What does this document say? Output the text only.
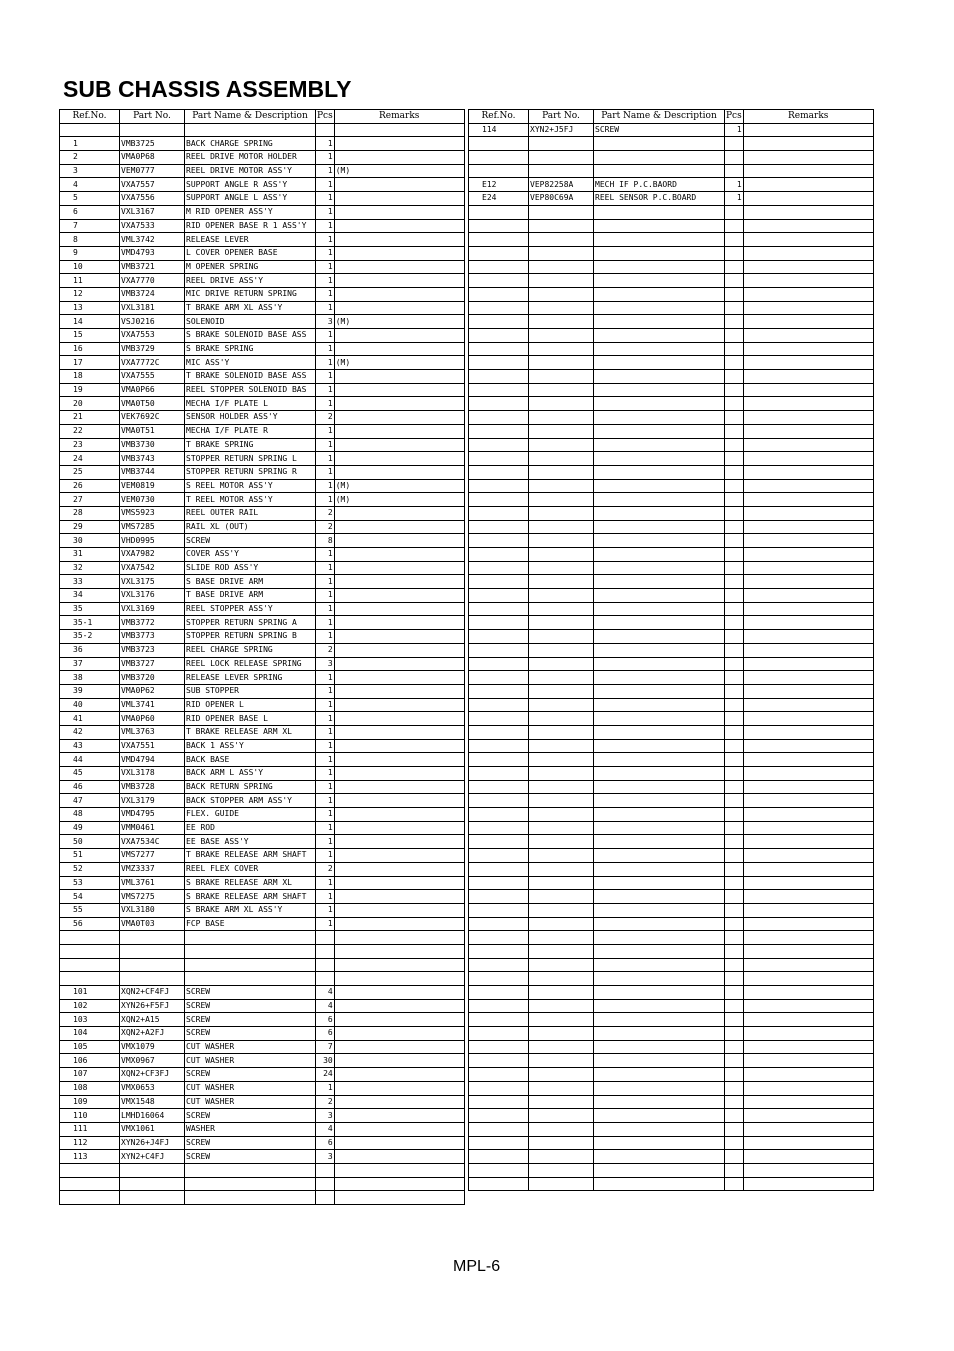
SUB CHASSIS ASSEMBLY
Ref.No.	Part No.	Part Name & Description	Pcs	Remarks

1	VMB3725	BACK CHARGE SPRING	1	
2	VMA0P68	REEL DRIVE MOTOR HOLDER	1	
3	VEM0777	REEL DRIVE MOTOR ASS'Y	1	(M)
4	VXA7557	SUPPORT ANGLE R ASS'Y	1	
5	VXA7556	SUPPORT ANGLE L ASS'Y	1	
6	VXL3167	M RID OPENER ASS'Y	1	
7	VXA7533	RID OPENER BASE R 1 ASS'Y	1	
8	VML3742	RELEASE LEVER	1	
9	VMD4793	L COVER OPENER BASE	1	
10	VMB3721	M OPENER SPRING	1	
11	VXA7770	REEL DRIVE ASS'Y	1	
12	VMB3724	MIC DRIVE RETURN SPRING	1	
13	VXL3181	T BRAKE ARM XL ASS'Y	1	
14	VSJ0216	SOLENOID	3	(M)
15	VXA7553	S BRAKE SOLENOID BASE ASS	1	
16	VMB3729	S BRAKE SPRING	1	
17	VXA7772C	MIC ASS'Y	1	(M)
18	VXA7555	T BRAKE SOLENOID BASE ASS	1	
19	VMA0P66	REEL STOPPER SOLENOID BAS	1	
20	VMA0T50	MECHA I/F PLATE L	1	
21	VEK7692C	SENSOR HOLDER ASS'Y	2	
22	VMA0T51	MECHA I/F PLATE R	1	
23	VMB3730	T BRAKE SPRING	1	
24	VMB3743	STOPPER RETURN SPRING L	1	
25	VMB3744	STOPPER RETURN SPRING R	1	
26	VEM0819	S REEL MOTOR ASS'Y	1	(M)
27	VEM0730	T REEL MOTOR ASS'Y	1	(M)
28	VMS5923	REEL OUTER RAIL	2	
29	VMS7285	RAIL XL (OUT)	2	
30	VHD0995	SCREW	8	
31	VXA7982	COVER ASS'Y	1	
32	VXA7542	SLIDE ROD ASS'Y	1	
33	VXL3175	S BASE DRIVE ARM	1	
34	VXL3176	T BASE DRIVE ARM	1	
35	VXL3169	REEL STOPPER ASS'Y	1	
35-1	VMB3772	STOPPER RETURN SPRING A	1	
35-2	VMB3773	STOPPER RETURN SPRING B	1	
36	VMB3723	REEL CHARGE SPRING	2	
37	VMB3727	REEL LOCK RELEASE SPRING	3	
38	VMB3720	RELEASE LEVER SPRING	1	
39	VMA0P62	SUB STOPPER	1	
40	VML3741	RID OPENER L	1	
41	VMA0P60	RID OPENER BASE L	1	
42	VML3763	T BRAKE RELEASE ARM XL	1	
43	VXA7551	BACK 1 ASS'Y	1	
44	VMD4794	BACK BASE	1	
45	VXL3178	BACK ARM L ASS'Y	1	
46	VMB3728	BACK RETURN SPRING	1	
47	VXL3179	BACK STOPPER ARM ASS'Y	1	
48	VMD4795	FLEX. GUIDE	1	
49	VMM0461	EE ROD	1	
50	VXA7534C	EE BASE ASS'Y	1	
51	VMS7277	T BRAKE RELEASE ARM SHAFT	1	
52	VMZ3337	REEL FLEX COVER	2	
53	VML3761	S BRAKE RELEASE ARM XL	1	
54	VMS7275	S BRAKE RELEASE ARM SHAFT	1	
55	VXL3180	S BRAKE ARM XL ASS'Y	1	
56	VMA0T03	FCP BASE	1	

101	XQN2+CF4FJ	SCREW	4	
102	XYN26+F5FJ	SCREW	4	
103	XQN2+A15	SCREW	6	
104	XQN2+A2FJ	SCREW	6	
105	VMX1079	CUT WASHER	7	
106	VMX0967	CUT WASHER	30	
107	XQN2+CF3FJ	SCREW	24	
108	VMX0653	CUT WASHER	1	
109	VMX1548	CUT WASHER	2	
110	LMHD16064	SCREW	3	
111	VMX1061	WASHER	4	
112	XYN26+J4FJ	SCREW	6	
113	XYN2+C4FJ	SCREW	3	

Ref.No.	Part No.	Part Name & Description	Pcs	Remarks
114	XYN2+J5FJ	SCREW	1	

E12	VEP82258A	MECH IF P.C.BAORD	1	
E24	VEP80C69A	REEL SENSOR P.C.BOARD	1	

MPL-6
